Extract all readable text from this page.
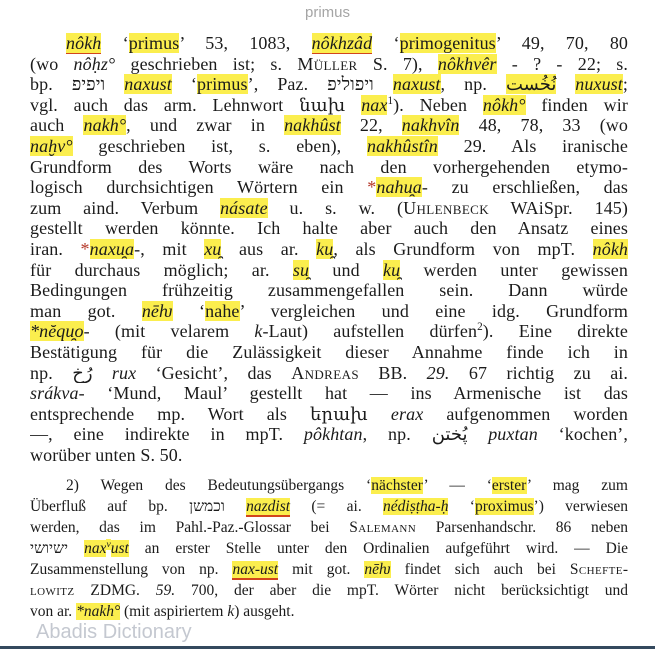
primus
nôkh ‘primus’ 53, 1083, nôkhzâd ‘primogenitus’ 49, 70, 80
(wo nôḥz° geschrieben ist; s. Müller S. 7), nôkhvêr - ? - 22; s.
bp. ויפיפ naxust ‘primus’, Paz. ויפוליפ naxust, np. نُخُست nuxust;
vgl. auch das arm. Lehnwort նախ nax$^1$). Neben nôkh° finden wir
auch nakh°, und zwar in nakhûst 22, nakhvîn 48, 78, 33 (wo
naḫv° geschrieben ist, s. eben), nakhûstîn 29. Als iranische
Grundform des Worts wäre nach den vorhergehenden etymo-
logisch durchsichtigen Wörtern ein *nahu̯a- zu erschließen, das
zum aind. Verbum násate u. s. w. (Uhlenbeck WAiSpr. 145)
gestellt werden könnte. Ich halte aber auch den Ansatz eines
iran. *naxu̯a-, mit xu̯ aus ar. ku̯, als Grundform von mpT. nôkh
für durchaus möglich; ar. su̯ und ku̯ werden unter gewissen
Bedingungen frühzeitig zusammengefallen sein. Dann würde
man got. nēƕ ‘nahe’ vergleichen und eine idg. Grundform
*nĕqu̯o- (mit velarem k-Laut) aufstellen dürfen$^2$). Eine direkte
Bestätigung für die Zulässigkeit dieser Annahme finde ich in
np. رُخ rux ‘Gesicht’, das Andreas BB. 29. 67 richtig zu ai.
srákva- ‘Mund, Maul’ gestellt hat — ins Armenische ist das
entsprechende mp. Wort als երախ erax aufgenommen worden
—, eine indirekte in mpT. pôkhtan, np. پُختن puxtan ‘kochen’,
worüber unten S. 50.
2) Wegen des Bedeutungsübergangs ‘nächster’ — ‘erster’ mag zum
Überfluß auf bp. וכמשן nazdist (= ai. nédiṣṭha-ḥ ‘proximus’) verwiesen
werden, das im Pahl.-Paz.-Glossar bei Salemann Parsenhandschr. 86 neben
ישיושי nax$^v$ust an erster Stelle unter den Ordinalien aufgeführt wird. — Die
Zusammenstellung von np. nax-ust mit got. nēƕ findet sich auch bei Schefte-
lowitz ZDMG. 59. 700, der aber die mpT. Wörter nicht berücksichtigt und
von ar. *nakh° (mit aspiriertem k) ausgeht.
Abadis Dictionary
